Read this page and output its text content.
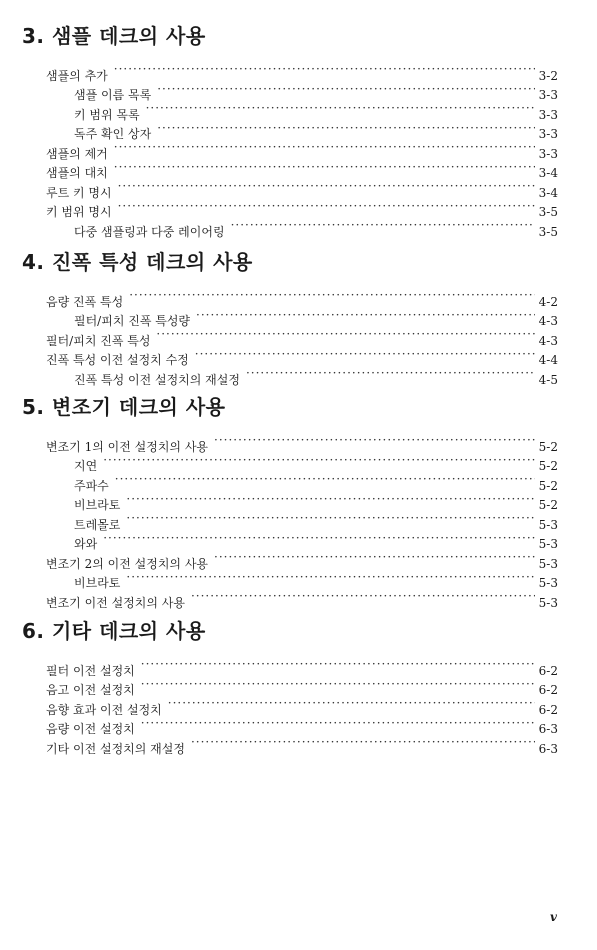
3. 샘플 데크의 사용
샘플의 추가 ·····	3-2
샘플 이름 목록 ·····	3-3
키 범위 목록 ·····	3-3
독주 확인 상자 ·····	3-3
샘플의 제거 ·····	3-3
샘플의 대치 ·····	3-4
루트 키 명시 ·····	3-4
키 범위 명시 ·····	3-5
다중 샘플링과 다중 레이어링 ·····	3-5
4. 진폭 특성 데크의 사용
음량 진폭 특성 ·····	4-2
필터/피치 진폭 특성량 ·····	4-3
필터/피치 진폭 특성 ·····	4-3
진폭 특성 이전 설정치 수정 ·····	4-4
진폭 특성 이전 설정치의 재설정 ·····	4-5
5. 변조기 데크의 사용
변조기 1의 이전 설정치의 사용 ·····	5-2
지연 ·····	5-2
주파수 ·····	5-2
비브라토 ·····	5-2
트레몰로 ·····	5-3
와와 ·····	5-3
변조기 2의 이전 설정치의 사용 ·····	5-3
비브라토 ·····	5-3
변조기 이전 설정치의 사용 ·····	5-3
6. 기타 데크의 사용
필터 이전 설정치 ·····	6-2
음고 이전 설정치 ·····	6-2
음향 효과 이전 설정치 ·····	6-2
음량 이전 설정치 ·····	6-3
기타 이전 설정치의 재설정 ·····	6-3
v
